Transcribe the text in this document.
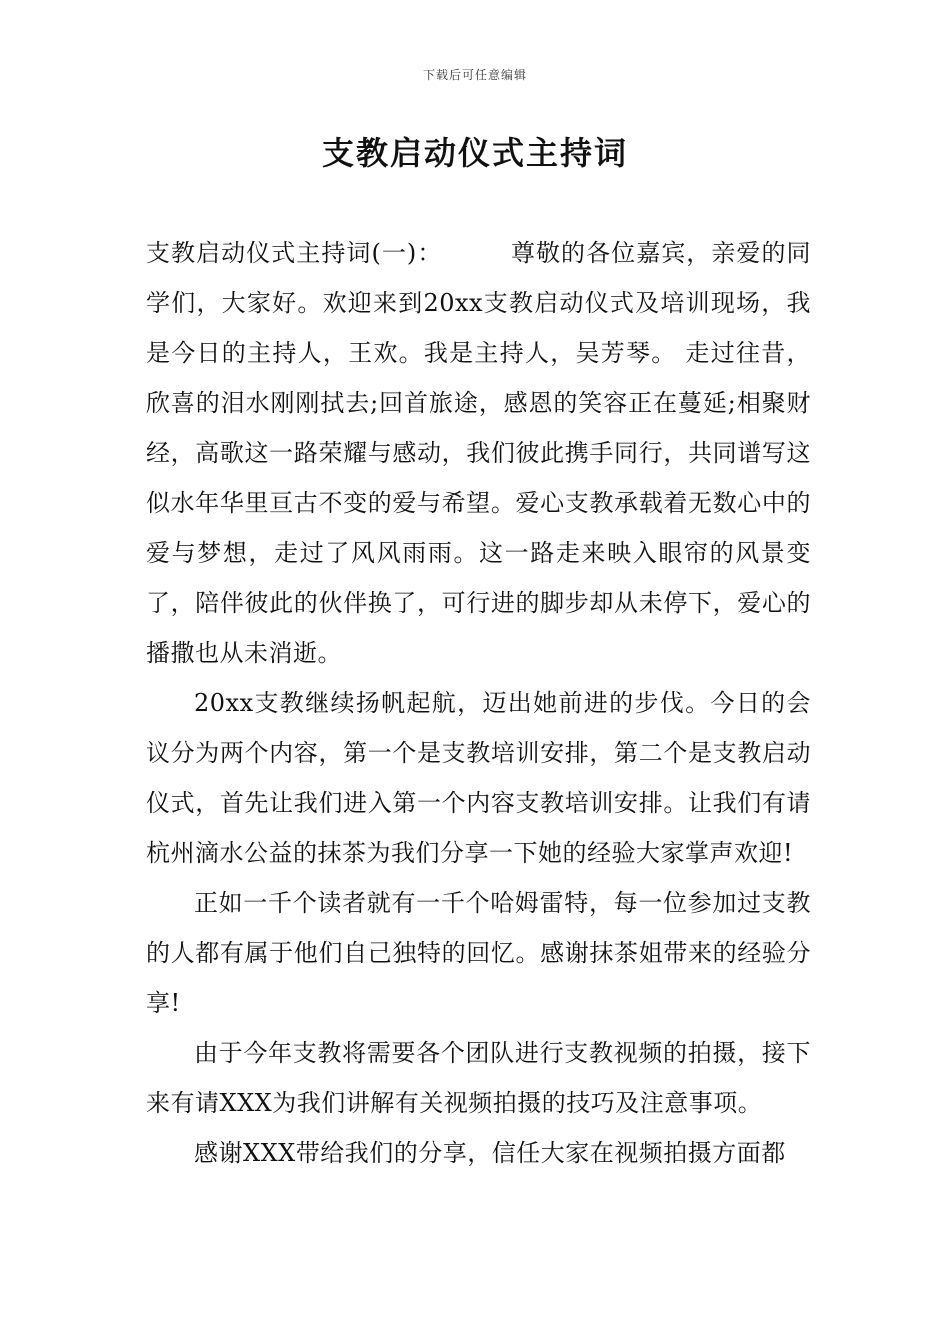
下载后可任意编辑
支教启动仪式主持词

支教启动仪式主持词(一)：	尊敬的各位嘉宾，亲爱的同学们，大家好。欢迎来到20xx支教启动仪式及培训现场，我是今日的主持人，王欢。我是主持人，吴芳琴。 走过往昔，欣喜的泪水刚刚拭去;回首旅途，感恩的笑容正在蔓延;相聚财经，高歌这一路荣耀与感动，我们彼此携手同行，共同谱写这似水年华里亘古不变的爱与希望。爱心支教承载着无数心中的爱与梦想，走过了风风雨雨。这一路走来映入眼帘的风景变了，陪伴彼此的伙伴换了，可行进的脚步却从未停下，爱心的播撒也从未消逝。

20xx支教继续扬帆起航，迈出她前进的步伐。今日的会议分为两个内容，第一个是支教培训安排，第二个是支教启动仪式，首先让我们进入第一个内容支教培训安排。让我们有请杭州滴水公益的抹茶为我们分享一下她的经验大家掌声欢迎!

正如一千个读者就有一千个哈姆雷特，每一位参加过支教的人都有属于他们自己独特的回忆。感谢抹茶姐带来的经验分享!

由于今年支教将需要各个团队进行支教视频的拍摄，接下来有请XXX为我们讲解有关视频拍摄的技巧及注意事项。

感谢XXX带给我们的分享，信任大家在视频拍摄方面都
